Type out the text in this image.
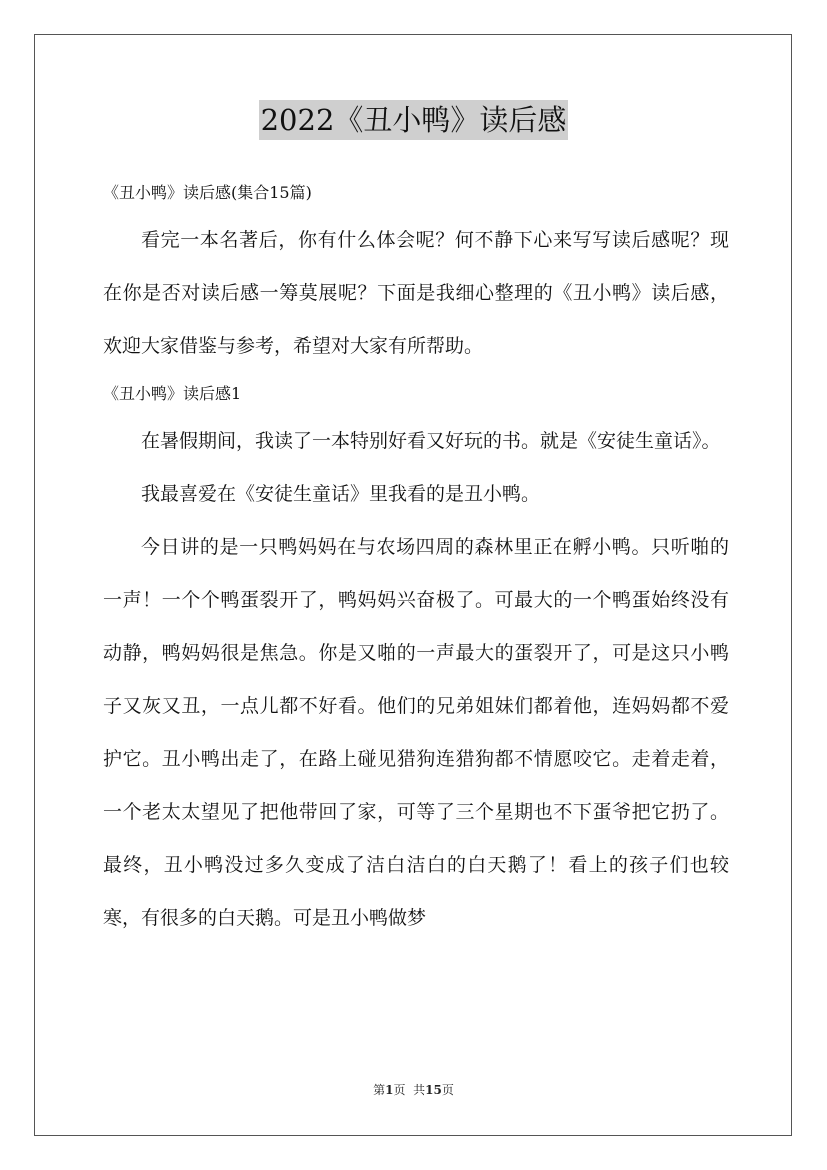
2022《丑小鸭》读后感

《丑小鸭》读后感(集合15篇)

看完一本名著后，你有什么体会呢？何不静下心来写写读后感呢？现在你是否对读后感一筹莫展呢？下面是我细心整理的《丑小鸭》读后感，欢迎大家借鉴与参考，希望对大家有所帮助。

《丑小鸭》读后感1

在暑假期间，我读了一本特别好看又好玩的书。就是《安徒生童话》。

我最喜爱在《安徒生童话》里我看的是丑小鸭。

今日讲的是一只鸭妈妈在与农场四周的森林里正在孵小鸭。只听啪的一声！一个个鸭蛋裂开了，鸭妈妈兴奋极了。可最大的一个鸭蛋始终没有动静，鸭妈妈很是焦急。你是又啪的一声最大的蛋裂开了，可是这只小鸭子又灰又丑，一点儿都不好看。他们的兄弟姐妹们都着他，连妈妈都不爱护它。丑小鸭出走了，在路上碰见猎狗连猎狗都不情愿咬它。走着走着，一个老太太望见了把他带回了家，可等了三个星期也不下蛋爷把它扔了。最终，丑小鸭没过多久变成了洁白洁白的白天鹅了！看上的孩子们也较寒，有很多的白天鹅。可是丑小鸭做梦

第1页  共15页
